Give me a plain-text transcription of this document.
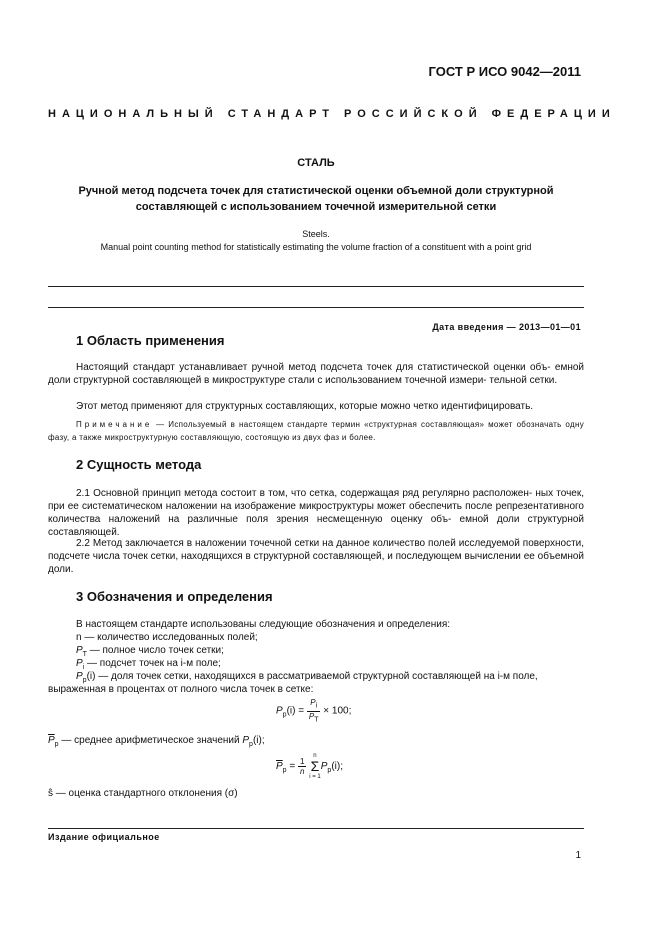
ГОСТ Р ИСО 9042—2011
НАЦИОНАЛЬНЫЙ СТАНДАРТ РОССИЙСКОЙ ФЕДЕРАЦИИ
СТАЛЬ
Ручной метод подсчета точек для статистической оценки объемной доли структурной
составляющей с использованием точечной измерительной сетки
Steels.
Manual point counting method for statistically estimating the volume fraction of a constituent with a point grid
Дата введения — 2013—01—01
1 Область применения
Настоящий стандарт устанавливает ручной метод подсчета точек для статистической оценки объ- емной доли структурной составляющей в микроструктуре стали с использованием точечной измери- тельной сетки.
Этот метод применяют для структурных составляющих, которые можно четко идентифицировать.
Примечание — Используемый в настоящем стандарте термин «структурная составляющая» может обозначать одну фазу, а также микроструктурную составляющую, состоящую из двух фаз и более.
2 Сущность метода
2.1 Основной принцип метода состоит в том, что сетка, содержащая ряд регулярно расположен- ных точек, при ее систематическом наложении на изображение микроструктуры может обеспечить после репрезентативного количества наложений на различные поля зрения несмещенную оценку объ- емной доли структурной составляющей.
2.2 Метод заключается в наложении точечной сетки на данное количество полей исследуемой поверхности, подсчете числа точек сетки, находящихся в структурной составляющей, и последующем вычислении ее объемной доли.
3 Обозначения и определения
В настоящем стандарте использованы следующие обозначения и определения:
n — количество исследованных полей;
$P_T$ — полное число точек сетки;
$P_i$ — подсчет точек на i-м поле;
$P_p(i)$ — доля точек сетки, находящихся в рассматриваемой структурной составляющей на i-м поле,
выраженная в процентах от полного числа точек в сетке:
$P_p(i) = \frac{P_i}{P_T} \times 100$;
$\overline{P}_p$ — среднее арифметическое значений $P_p(i)$;
$\overline{P}_p = \frac{1}{n}$

n
Σ
i = 1
$P_p(i)$;
ŝ — оценка стандартного отклонения (σ)
Издание официальное
1
